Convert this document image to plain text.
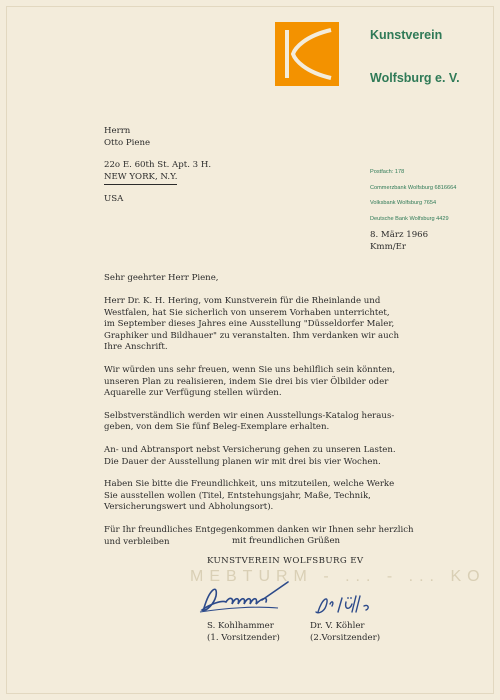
Kunstverein
Wolfsburg e. V.
Postfach: 178
Commerzbank Wolfsburg 6816664
Volksbank Wolfsburg 7654
Deutsche Bank Wolfsburg 4429
Herrn
Otto Piene
22o E. 60th St. Apt. 3 H.
NEW YORK, N.Y.
USA
8. März 1966
Kmm/Er
Sehr geehrter Herr Piene,
Herr Dr. K. H. Hering, vom Kunstverein für die Rheinlande und
Westfalen, hat Sie sicherlich von unserem Vorhaben unterrichtet,
im September dieses Jahres eine Ausstellung "Düsseldorfer Maler,
Graphiker und Bildhauer" zu veranstalten. Ihm verdanken wir auch
Ihre Anschrift.
Wir würden uns sehr freuen, wenn Sie uns behilflich sein könnten,
unseren Plan zu realisieren, indem Sie drei bis vier Ölbilder oder
Aquarelle zur Verfügung stellen würden.
Selbstverständlich werden wir einen Ausstellungs-Katalog heraus-
geben, von dem Sie fünf Beleg-Exemplare erhalten.
An- und Abtransport nebst Versicherung gehen zu unseren Lasten.
Die Dauer der Ausstellung planen wir mit drei bis vier Wochen.
Haben Sie bitte die Freundlichkeit, uns mitzuteilen, welche Werke
Sie ausstellen wollen (Titel, Entstehungsjahr, Maße, Technik,
Versicherungswert und Abholungsort).
Für Ihr freundliches Entgegenkommen danken wir Ihnen sehr herzlich
und verbleiben	mit freundlichen Grüßen
KUNSTVEREIN WOLFSBURG EV
MEBTURM - ... - ... KO
S. Kohlhammer
(1. Vorsitzender)
Dr. V. Köhler
(2.Vorsitzender)
